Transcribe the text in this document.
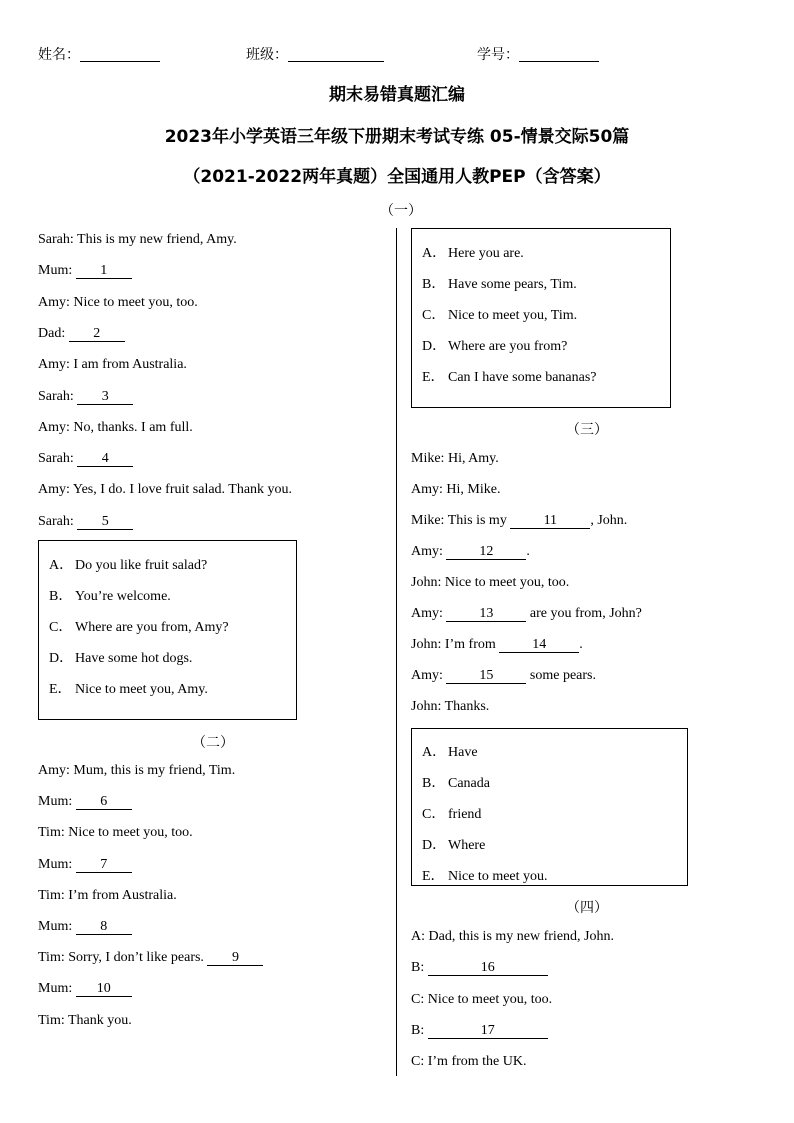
姓名：	班级：	学号：
期末易错真题汇编
2023年小学英语三年级下册期末考试专练 05-情景交际50篇
（2021-2022两年真题）全国通用人教PEP（含答案）
（一）
Sarah: This is my new friend, Amy.
Mum: 1
Amy: Nice to meet you, too.
Dad: 2
Amy: I am from Australia.
Sarah: 3
Amy: No, thanks. I am full.
Sarah: 4
Amy: Yes, I do. I love fruit salad. Thank you.
Sarah: 5
A． Do you like fruit salad?
B． You’re welcome.
C． Where are you from, Amy?
D． Have some hot dogs.
E． Nice to meet you, Amy.
（二）
Amy: Mum, this is my friend, Tim.
Mum: 6
Tim: Nice to meet you, too.
Mum: 7
Tim: I’m from Australia.
Mum: 8
Tim: Sorry, I don’t like pears. 9
Mum: 10
Tim: Thank you.
A． Here you are.
B． Have some pears, Tim.
C． Nice to meet you, Tim.
D． Where are you from?
E． Can I have some bananas?
（三）
Mike: Hi, Amy.
Amy: Hi, Mike.
Mike: This is my	11 , John.
Amy:	12 .
John: Nice to meet you, too.
Amy:	13 are you from, John?
John: I’m from	14 .
Amy:	15 some pears.
John: Thanks.
A． Have
B． Canada
C． friend
D． Where
E． Nice to meet you.
（四）
A: Dad, this is my new friend, John.
B:	16
C: Nice to meet you, too.
B:	17
C: I’m from the UK.
